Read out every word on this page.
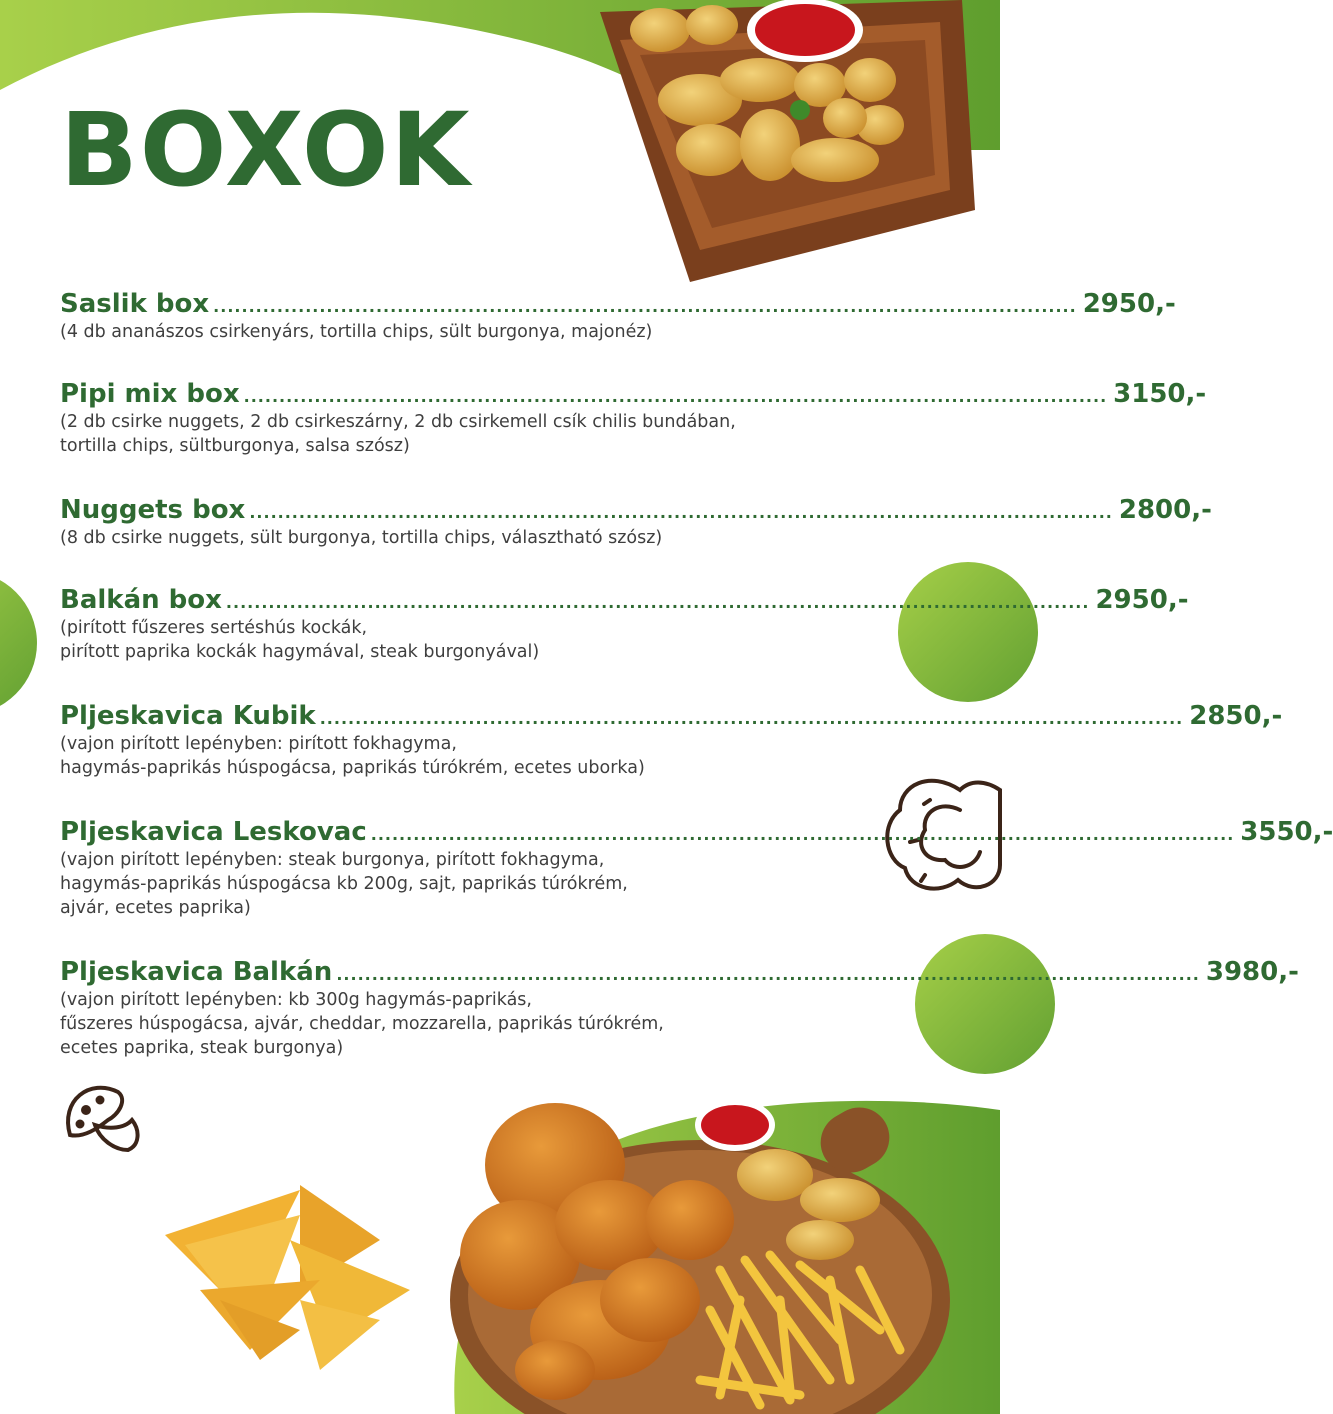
BOXOK
Saslik box .......................................................................................................................... 2950,-
(4 db ananászos csirkenyárs, tortilla chips, sült burgonya, majonéz)
Pipi mix box .......................................................................................................................... 3150,-
(2 db csirke nuggets, 2 db csirkeszárny, 2 db csirkemell csík chilis bundában,
tortilla chips, sültburgonya, salsa szósz)
Nuggets box .......................................................................................................................... 2800,-
(8 db csirke nuggets, sült burgonya, tortilla chips, választható szósz)
Balkán box .......................................................................................................................... 2950,-
(pirított fűszeres sertéshús kockák,
pirított paprika kockák hagymával, steak burgonyával)
Pljeskavica Kubik .......................................................................................................................... 2850,-
(vajon pirított lepényben: pirított fokhagyma,
hagymás-paprikás húspogácsa, paprikás túrókrém, ecetes uborka)
Pljeskavica Leskovac .......................................................................................................................... 3550,-
(vajon pirított lepényben: steak burgonya, pirított fokhagyma,
hagymás-paprikás húspogácsa kb 200g, sajt, paprikás túrókrém,
ajvár, ecetes paprika)
Pljeskavica Balkán .......................................................................................................................... 3980,-
(vajon pirított lepényben: kb 300g hagymás-paprikás,
fűszeres húspogácsa, ajvár, cheddar, mozzarella, paprikás túrókrém,
ecetes paprika, steak burgonya)
